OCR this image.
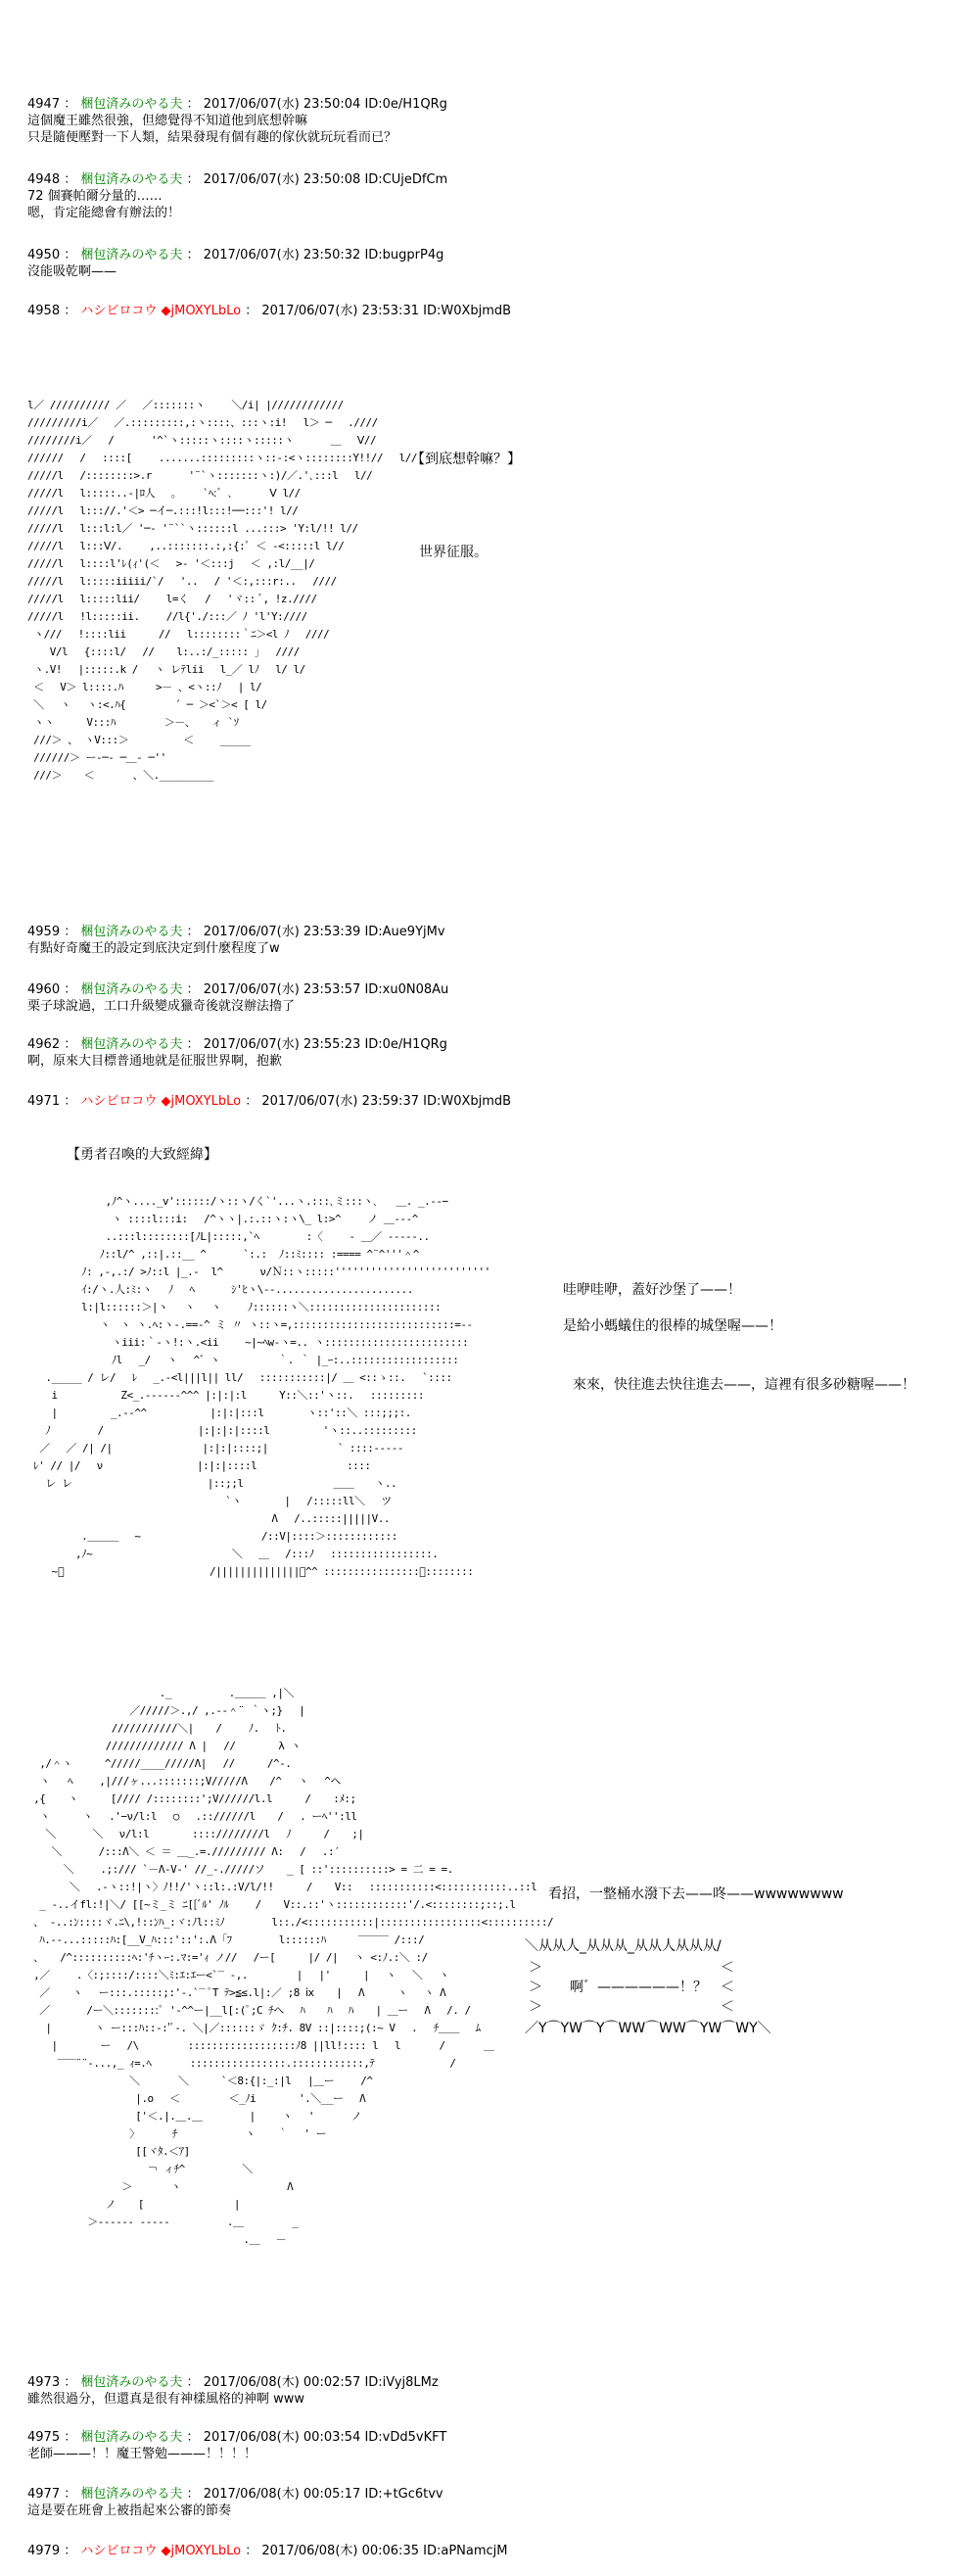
4947 ： 梱包済みのやる夫 ： 2017/06/07(水) 23:50:04 ID:0e/H1QRg
這個魔王雖然很強，但總覺得不知道他到底想幹嘛
只是隨便壓對一下人類，結果發現有個有趣的傢伙就玩玩看而已？
4948 ： 梱包済みのやる夫 ： 2017/06/07(水) 23:50:08 ID:CUjeDfCm
72 個賽帕爾分量的……
嗯，肯定能總會有辦法的！
4950 ： 梱包済みのやる夫 ： 2017/06/07(水) 23:50:32 ID:bugprP4g
沒能吸乾啊——
4958 ： ハシビロコウ ◆jMOXYLbLo ： 2017/06/07(水) 23:53:31 ID:W0XbjmdB
l／ ////////// ／ 　／:::::::ヽ 　　＼/i| |////////////
/////////i／ 　／.:::::::::,:ヽ::::、:::ヽ:i! 　l＞ ─ 　.////
////////i／ 　/ 　　　'^`ヽ:::::ヽ::::ヽ:::::ヽ 　　　＿ 　Ⅴ//
////// 　/ 　::::[ 　　.......:::::::::ヽ::-:<ヽ::::::::Y!!// 　l//
/////l 　/::::::::>.r 　　　'¨`ヽ:::::::ヽ:)/／.'､:::l 　l//
/////l 　l:::::..-|ﾛ人 　。　 　`ﾍ:ﾞ ､ 　　　Ⅴ l//
/////l 　l::://.'＜> ─イ─.:::!l:::!──:::'! l//
/////l 　l:::l:l／ '─‐ '¨``ヽ::::::l ...:::> 'Y:l/!! l//
/////l 　l:::Ⅴ/. 　　,..:::::::.:,:{:ﾟ ＜ -<:::::l l//
/////l 　l::::l'ﾚ(ｨ'(＜ 　>‐ '＜:::j 　＜ ,:l/__|/
/////l 　l:::::iiiii/`/ 　'.. 　/ '＜:,:::r:.. 　////
/////l 　l:::::lii/ 　　l=く 　/ 　'ヾ:: ﾞ, !z.////
/////l 　!l:::::ii. 　　//l{'./:::／ ﾉ 'l'Y:////
ヽ/// 　!::::lii 　 　// 　l::::::::｀ﾆ＞<l ﾉ 　////
　 V/l 　{::::l/ 　// 　 l:..:/_::::: ｣ 　////
ヽ.V! 　|:::::.k / 　ヽ レﾃlii 　l_／ lﾉ 　l/ l/
＜ 　V＞ l::::.ﾊ 　 　>－ 、<ヽ::ﾉ 　| l/
＼ 　ヽ 　ヽ:<.ﾊ{ 　 　 　´ ─ ＞<`＞< [ l/
ヽヽ 　 　V:::ﾊ 　 　 　＞－、 　ィ `ｿ
///＞ 、 ヽV:::＞ 　 　 　 ＜ 　　_____
//////＞ ー‐─‐ ─＿‐ ─''
///＞ 　 ＜ 　 　 、＼._________
【到底想幹嘛？】
世界征服。
4959 ： 梱包済みのやる夫 ： 2017/06/07(水) 23:53:39 ID:Aue9YjMv
有點好奇魔王的設定到底決定到什麼程度了w
4960 ： 梱包済みのやる夫 ： 2017/06/07(水) 23:53:57 ID:xu0N08Au
栗子球說過，工口升級變成獵奇後就沒辦法擼了
4962 ： 梱包済みのやる夫 ： 2017/06/07(水) 23:55:23 ID:0e/H1QRg
啊，原來大目標普通地就是征服世界啊，抱歉
4971 ： ハシビロコウ ◆jMOXYLbLo ： 2017/06/07(水) 23:59:37 ID:W0XbjmdB
【勇者召喚的大致經緯】
,ﾉ^ヽ...._v'::::::/ヽ::ヽ/く`'...ヽ.:::､ミ:::ヽ､   ＿. _.--−
ヽ ::::l:::i: 　/^ヽヽ|.:.::ヽ:ヽ\_ l:>^ 　　ノ ＿--‐^
..:::l::::::::[ﾉL|:::::,`ﾍ 　　　　:〈 　　‐ ＿／ --‐--..
ﾉ::l/^ ,::|.::__ ^ 　　　`:.:  ﾉ::ﾐ:::: :==== ^¨^'''＾^
ﾉ: ,-,.:/ >ﾉ::l |_.-  l^ 　　　ν/Ｎ::ヽ:::::''''''''''''''''''''''''''
ｲ:/ヽ.人:ﾐ:ヽ 　ﾉ 　ﾍ 　　　ｼ'ﾋヽ\--.......................
l:|l::::::＞|ヽ 　ヽ 　ヽ 　　ﾉ::::::ヽ＼::::::::::::::::::::::
ヽ　ヽ ヽ.ﾍ:ヽ-.==‐^ ミ 〃 ヽ::ヽ=,:::::::::::::::::::::::::::=--
ヽiii:｀-ヽ!:ヽ.<ii 　　~|~ﾍw‐ヽ=.. ヽ::::::::::::::::::::::::
ﾉl 　_/ 　ヽ 　^゛ヽ 　　　　　｀. ｀ |_ｰ:..::::::::::::::::::
._____ / レ/ 　ﾚ 　_.-<l|||l|| ll/ 　:::::::::::|/ ＿ <::ゝ::. 　`::::
i 　　　 　　Z<_.----‐‐^^^ |:|:|:l 　 　Y::＼::'ヽ::. 　:::::::::
| 　　　 　_.--^^ 　　　　　 |:|:|:::l 　 　　ヽ::'::＼ :::;;;:.
ﾉ 　　　　/ 　　　　　　　　 |:|:|:|::::l 　 　　　'ヽ::..:::::::::
／ 　／ /| /| 　 　　　　　　 |:|:|::::;| 　 　　　　 ` ::::---‐‐
ﾚ' // |/ 　ν 　　　　　　　　 |:|:|::::l 　 　　　　　　 ::::
レ レ 　　　　　　　　　　　　 |::;;l 　 　　　　　　 ＿＿　　ヽ..
`ヽ 　 　　| 　/:::::ll＼ 　ツ
　　　　　　　　　　　　　　 　Λ 　/..:::::|||||V..
.＿＿＿ 　~ 　　　　　　　　　 　 /::V|::::＞::::::::::::
,ﾉ~ 　　　　　　　　　　　　　＼ 　＿ 　/:::ﾉ 　:::::::::::::::::.
~ﾞ 　　　　　　　　　　　　　 /||||||||||||||＞^^ ::::::::::::::::＼::::::::
哇咿哇咿，蓋好沙堡了——！
是給小螞蟻住的很棒的城堡喔——！
來來，快往進去快往進去——，這裡有很多砂糖喔——！
._ 　　　　　.＿＿＿ ,|＼
／/////＞.,/ ,.-‐＾¨ ｀ヽ;} 　|
///////////＼| 　 / 　　ﾉ. 　ﾄ.
///////////// Λ | 　// 　　 　λ ヽ
,/＾ヽ 　　 ^/////____/////Λ| 　// 　　 /^-.
ヽ   ﾍ 　　,|///ヶ...:::::::;V/////Λ 　 /^ 　ヽ 　^ヘ
,{ 　 ヽ 　　 [//// /::::::::';V//////l.l 　 　/ 　 :ﾒ:;
ヽ 　　 ヽ 　.'−ν/l:l 　○ 　.:://////l 　 / 　. ーﾍ'':ll
＼ 　　　＼ 　ν/l:l 　　　 ::::////////l 　ﾉ 　 　/ 　 ;|
＼ 　　　/:::Λ＼ ＜ ＝ ＿_.=.///////// Λ: 　/ 　.:′
＼ 　　.;:/// `－Λ-V-' //_-./////ソ 　 _ [ ::'::::::::::> = 二 = =.
＼ 　.-ヽ::!|ヽ〉ﾉ!!/'ヽ::l:.:V/l/!! 　 　/ 　 V:: 　:::::::::::<:::::::::::..::l
_ ‐..イfl:!|＼/ [[~ミ_ミ ﾆ[[ﾞﾙ' ﾉﾙ 　　/ 　 V::.::'ヽ::::::::::::'/.<::::::::;::;.l
、 ‐..:ﾝ::::ヾ.ﾆ\,!::ﾝﾊ_:ヾ:ﾉl::ﾐﾉ 　　　　l::./<:::::::::::|:::::::::::::::::<::::::::::/
ﾊ.--...:::::ﾊ:[__V_ﾊ:::'::':.Λ ｢ﾌ 　　　　l::::::ﾊ 　 　‾‾‾‾‾ /:::/
、 　/^::::::::::ﾍ:'ﾁヽｰ:.ﾏ:='ｨ ノ// 　/ー[ 　　 |/ /| 　ヽ <:ﾉ.:＼ :/
,／ 　　.〈:;::::/::::＼ﾐ:ｴ:ｴー<`‾ -,. 　 　　 | 　|' 　　 | 　ヽ 　＼ 　ヽ
／ 　 ヽ 　ー:::.:::::;:'-.`‾ ﾟT ﾃ>≦≤.l|:／ ;8 ⅸ 　 |　 Λ 　 　ヽ 　ヽ Λ
／ 　　　/ー＼::::::::ﾟ '-^^ー|__l[:(ﾟ;C ﾁヘ 　ﾊ 　 ﾊ 　ﾊ 　 | ＿ー 　Λ 　/. /
| 　　　 ヽ ー:::ﾊ::-:'ﾞ-. ＼|／::::::ゞ ｸ:ﾁ. 8V ::|::::;(:~ V 　. 　ﾁ＿＿ 　ﾑ
|　 　　 ー 　/\ 　　 　 ::::::::::::::::::ﾉ8 ||ll!:::: l 　l 　 　 / 　 　 ＿
‾‾‾¨¨-...,_ ｨ=.ﾍ 　 　 ::::::::::::::::.::::::::::::,ﾃ 　 　 　 　　/
＼ 　 　 ＼ 　　 `＜8:{|:_:|l 　|＿ー 　　/^
|.o 　＜ 　 　　 ＜_ﾉi 　　 　'.＼__ー 　Λ
['＜.|.＿.＿ 　　　　|　 　ヽ 　' 　　　ノ
〉 　　 ﾁ 　　　　　　ヽ 　 ｀ 　' ー
[[ヾﾀ.＜ｱ]
￢ ィﾁ^ 　　　　　＼
　 ＞ 　 　 ヽ 　 　 　 　　　　　Λ
ノ 　 [ 　 　　　 　　　|
＞--‐‐‐‐ ‐‐‐‐‐ 　　　　　.＿ 　 　 　_
.＿ 　－
看招，一整桶水潑下去——咚——wwwwwwww
＼从从人_从从从_从从人从从从/
＞　　　　　　　　　　　　　＜
＞　　啊゛——————！？　＜
＞　　　　　　　　　　　　　＜
／Y⌒YW⌒Y⌒WW⌒WW⌒YW⌒WY＼
4973 ： 梱包済みのやる夫 ： 2017/06/08(木) 00:02:57 ID:iVyj8LMz
雖然很過分，但還真是很有神樣風格的神啊 www
4975 ： 梱包済みのやる夫 ： 2017/06/08(木) 00:03:54 ID:vDd5vKFT
老師———！！魔王警勉———！！！！
4977 ： 梱包済みのやる夫 ： 2017/06/08(木) 00:05:17 ID:+tGc6tvv
這是要在班會上被指起來公審的節奏
4979 ： ハシビロコウ ◆jMOXYLbLo ： 2017/06/08(木) 00:06:35 ID:aPNamcjM
